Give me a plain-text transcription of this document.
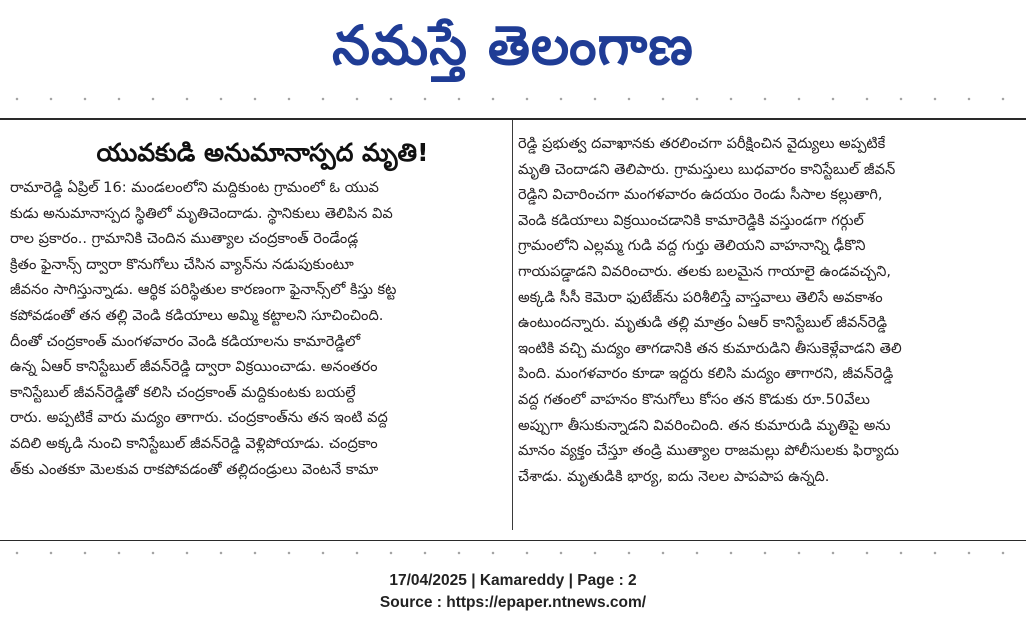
నమస్తే తెలంగాణ
యువకుడి అనుమానాస్పద మృతి!
రామారెడ్డి ఏప్రిల్ 16: మండలంలోని మద్దికుంట గ్రామంలో ఓ యువ
కుడు అనుమానాస్పద స్థితిలో మృతిచెందాడు. స్థానికులు తెలిపిన వివ
రాల ప్రకారం.. గ్రామానికి చెందిన ముత్యాల చంద్రకాంత్ రెండేండ్ల
క్రితం ఫైనాన్స్ ద్వారా కొనుగోలు చేసిన వ్యాన్‌ను నడుపుకుంటూ
జీవనం సాగిస్తున్నాడు. ఆర్థిక పరిస్థితుల కారణంగా ఫైనాన్స్‌లో కిస్తు కట్ట
కపోవడంతో తన తల్లి వెండి కడియాలు అమ్మి కట్టాలని సూచించింది.
దీంతో చంద్రకాంత్ మంగళవారం వెండి కడియాలను కామారెడ్డిలో
ఉన్న ఏఆర్ కానిస్టేబుల్ జీవన్‌రెడ్డి ద్వారా విక్రయించాడు. అనంతరం
కానిస్టేబుల్ జీవన్‌రెడ్డితో కలిసి చంద్రకాంత్ మద్దికుంటకు బయల్దే
రారు. అప్పటికే వారు మద్యం తాగారు. చంద్రకాంత్‌ను తన ఇంటి వద్ద
వదిలి అక్కడి నుంచి కానిస్టేబుల్ జీవన్‌రెడ్డి వెళ్లిపోయాడు. చంద్రకాం
త్‌కు ఎంతకూ మెలకువ రాకపోవడంతో తల్లిదండ్రులు వెంటనే కామా
రెడ్డి ప్రభుత్వ దవాఖానకు తరలించగా పరీక్షించిన వైద్యులు అప్పటికే
మృతి చెందాడని తెలిపారు. గ్రామస్తులు బుధవారం కానిస్టేబుల్ జీవన్
రెడ్డిని విచారించగా మంగళవారం ఉదయం రెండు సీసాల కల్లుతాగి,
వెండి కడియాలు విక్రయించడానికి కామారెడ్డికి వస్తుండగా గర్గుల్
గ్రామంలోని ఎల్లమ్మ గుడి వద్ద గుర్తు తెలియని వాహనాన్ని ఢీకొని
గాయపడ్డాడని వివరించారు. తలకు బలమైన గాయాలై ఉండవచ్చని,
అక్కడి సీసీ కెమెరా ఫుటేజ్‌ను పరిశీలిస్తే వాస్తవాలు తెలిసే అవకాశం
ఉంటుందన్నారు. మృతుడి తల్లి మాత్రం ఏఆర్ కానిస్టేబుల్ జీవన్‌రెడ్డి
ఇంటికి వచ్చి మద్యం తాగడానికి తన కుమారుడిని తీసుకెళ్లేవాడని తెలి
పింది. మంగళవారం కూడా ఇద్దరు కలిసి మద్యం తాగారని, జీవన్‌రెడ్డి
వద్ద గతంలో వాహనం కొనుగోలు కోసం తన కొడుకు రూ.50వేలు
అప్పుగా తీసుకున్నాడని వివరించింది. తన కుమారుడి మృతిపై అను
మానం వ్యక్తం చేస్తూ తండ్రి ముత్యాల రాజమల్లు పోలీసులకు ఫిర్యాదు
చేశాడు. మృతుడికి భార్య, ఐదు నెలల పాపపాప ఉన్నది.
17/04/2025 | Kamareddy | Page : 2
Source : https://epaper.ntnews.com/
